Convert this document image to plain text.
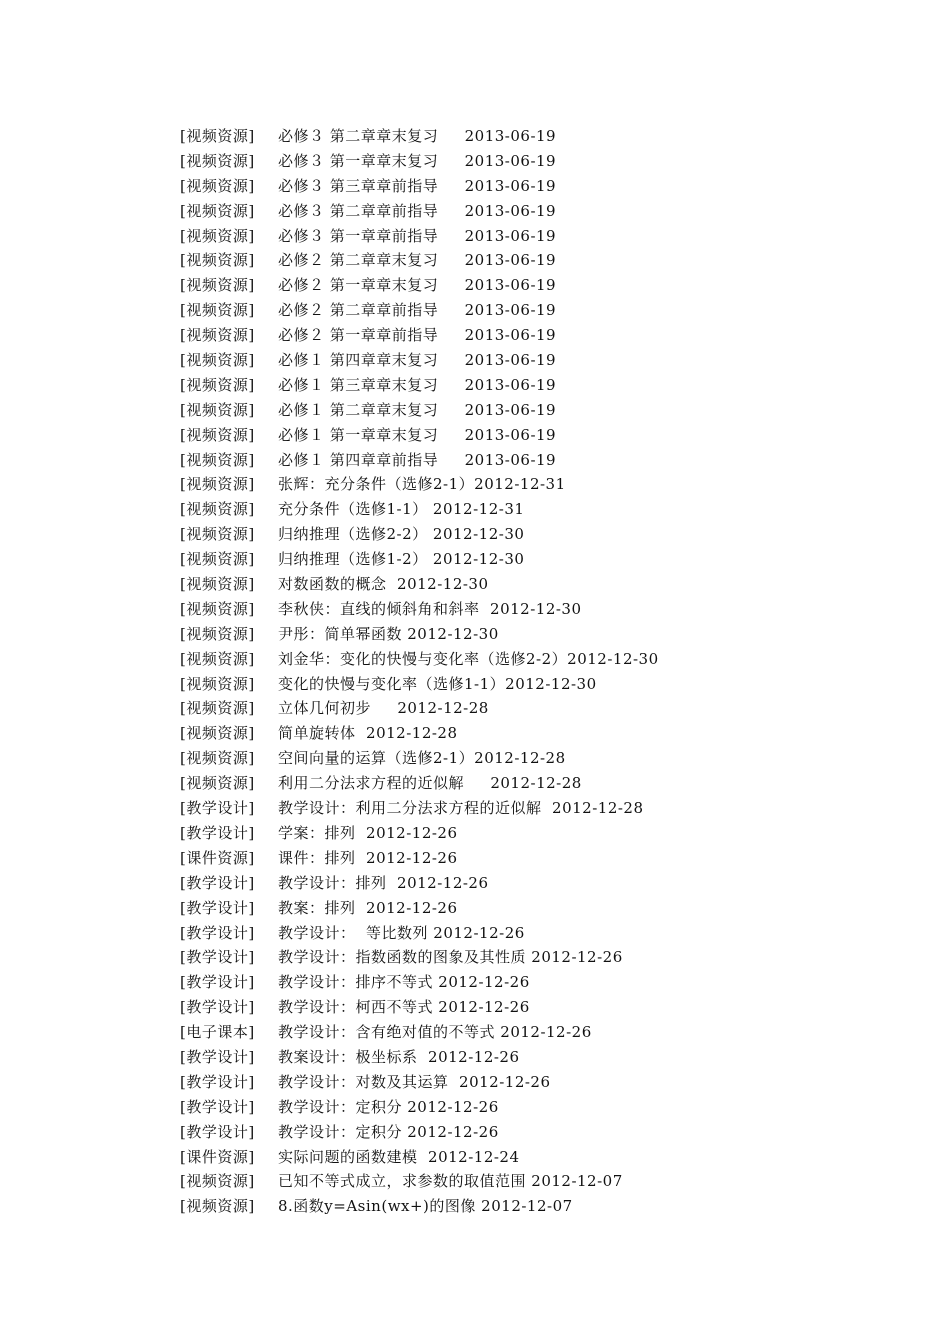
[视频资源] 必修３ 第二章章末复习     2013-06-19
[视频资源] 必修３ 第一章章末复习     2013-06-19
[视频资源] 必修３ 第三章章前指导     2013-06-19
[视频资源] 必修３ 第二章章前指导     2013-06-19
[视频资源] 必修３ 第一章章前指导     2013-06-19
[视频资源] 必修２ 第二章章末复习     2013-06-19
[视频资源] 必修２ 第一章章末复习     2013-06-19
[视频资源] 必修２ 第二章章前指导     2013-06-19
[视频资源] 必修２ 第一章章前指导     2013-06-19
[视频资源] 必修１ 第四章章末复习     2013-06-19
[视频资源] 必修１ 第三章章末复习     2013-06-19
[视频资源] 必修１ 第二章章末复习     2013-06-19
[视频资源] 必修１ 第一章章末复习     2013-06-19
[视频资源] 必修１ 第四章章前指导     2013-06-19
[视频资源] 张辉：充分条件（选修2-1）2012-12-31
[视频资源] 充分条件（选修1-1） 2012-12-31
[视频资源] 归纳推理（选修2-2） 2012-12-30
[视频资源] 归纳推理（选修1-2） 2012-12-30
[视频资源] 对数函数的概念  2012-12-30
[视频资源] 李秋侠：直线的倾斜角和斜率  2012-12-30
[视频资源] 尹彤：简单幂函数 2012-12-30
[视频资源] 刘金华：变化的快慢与变化率（选修2-2）2012-12-30
[视频资源] 变化的快慢与变化率（选修1-1）2012-12-30
[视频资源] 立体几何初步     2012-12-28
[视频资源] 简单旋转体  2012-12-28
[视频资源] 空间向量的运算（选修2-1）2012-12-28
[视频资源] 利用二分法求方程的近似解     2012-12-28
[教学设计] 教学设计：利用二分法求方程的近似解  2012-12-28
[教学设计] 学案：排列  2012-12-26
[课件资源] 课件：排列  2012-12-26
[教学设计] 教学设计：排列  2012-12-26
[教学设计] 教案：排列  2012-12-26
[教学设计] 教学设计：  等比数列 2012-12-26
[教学设计] 教学设计：指数函数的图象及其性质 2012-12-26
[教学设计] 教学设计：排序不等式 2012-12-26
[教学设计] 教学设计：柯西不等式 2012-12-26
[电子课本] 教学设计：含有绝对值的不等式 2012-12-26
[教学设计] 教案设计：极坐标系  2012-12-26
[教学设计] 教学设计：对数及其运算  2012-12-26
[教学设计] 教学设计：定积分 2012-12-26
[教学设计] 教学设计：定积分 2012-12-26
[课件资源] 实际问题的函数建模  2012-12-24
[视频资源] 已知不等式成立，求参数的取值范围 2012-12-07
[视频资源] 8.函数y=Asin(wx+)的图像 2012-12-07
